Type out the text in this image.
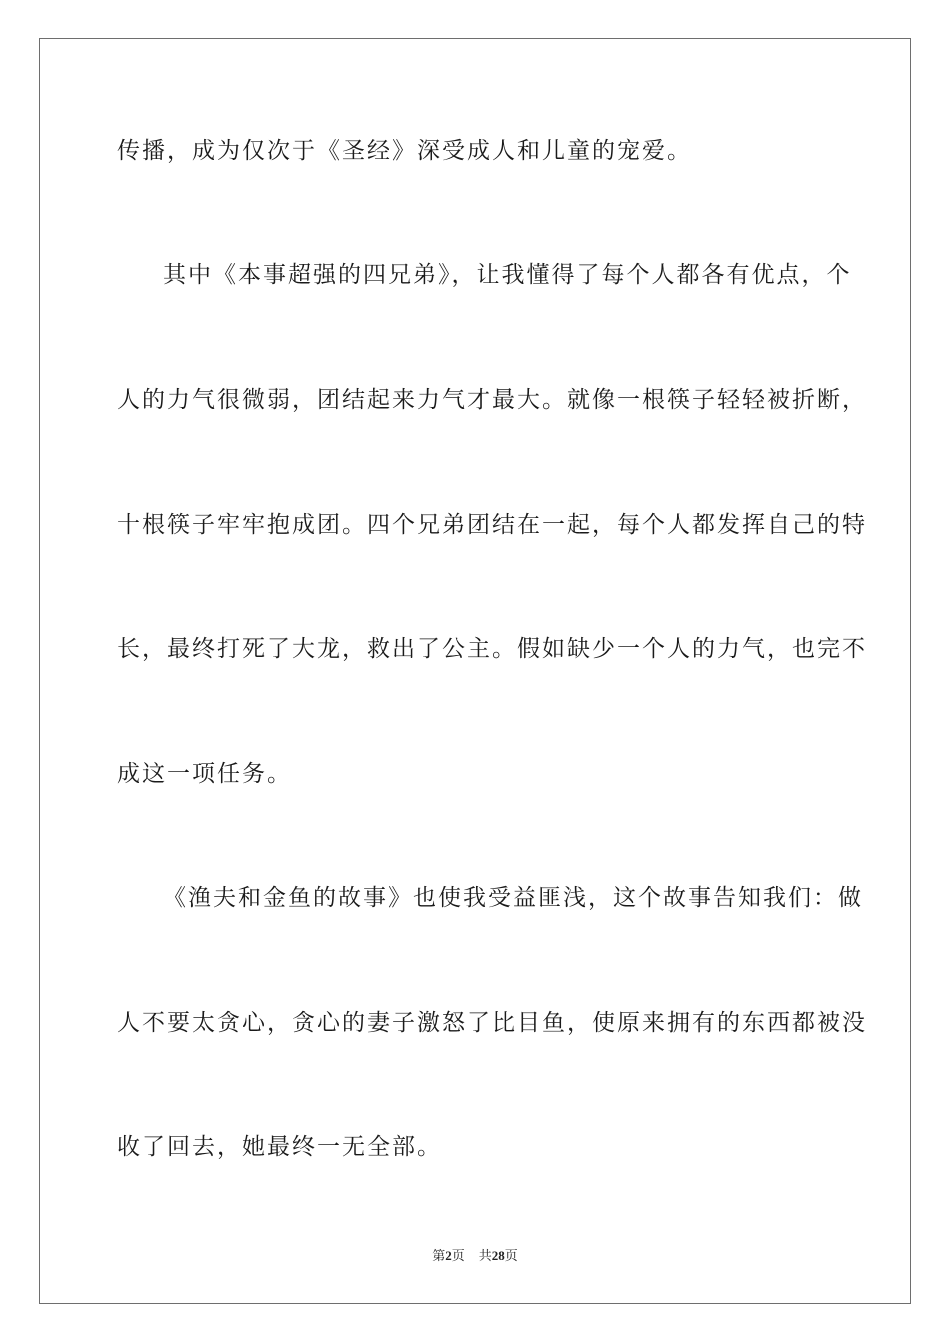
传播，成为仅次于《圣经》深受成人和儿童的宠爱。
其中《本事超强的四兄弟》，让我懂得了每个人都各有优点，个
人的力气很微弱，团结起来力气才最大。就像一根筷子轻轻被折断，
十根筷子牢牢抱成团。四个兄弟团结在一起，每个人都发挥自己的特
长，最终打死了大龙，救出了公主。假如缺少一个人的力气，也完不
成这一项任务。
《渔夫和金鱼的故事》也使我受益匪浅，这个故事告知我们：做
人不要太贪心，贪心的妻子激怒了比目鱼，使原来拥有的东西都被没
收了回去，她最终一无全部。
第2页 共28页
